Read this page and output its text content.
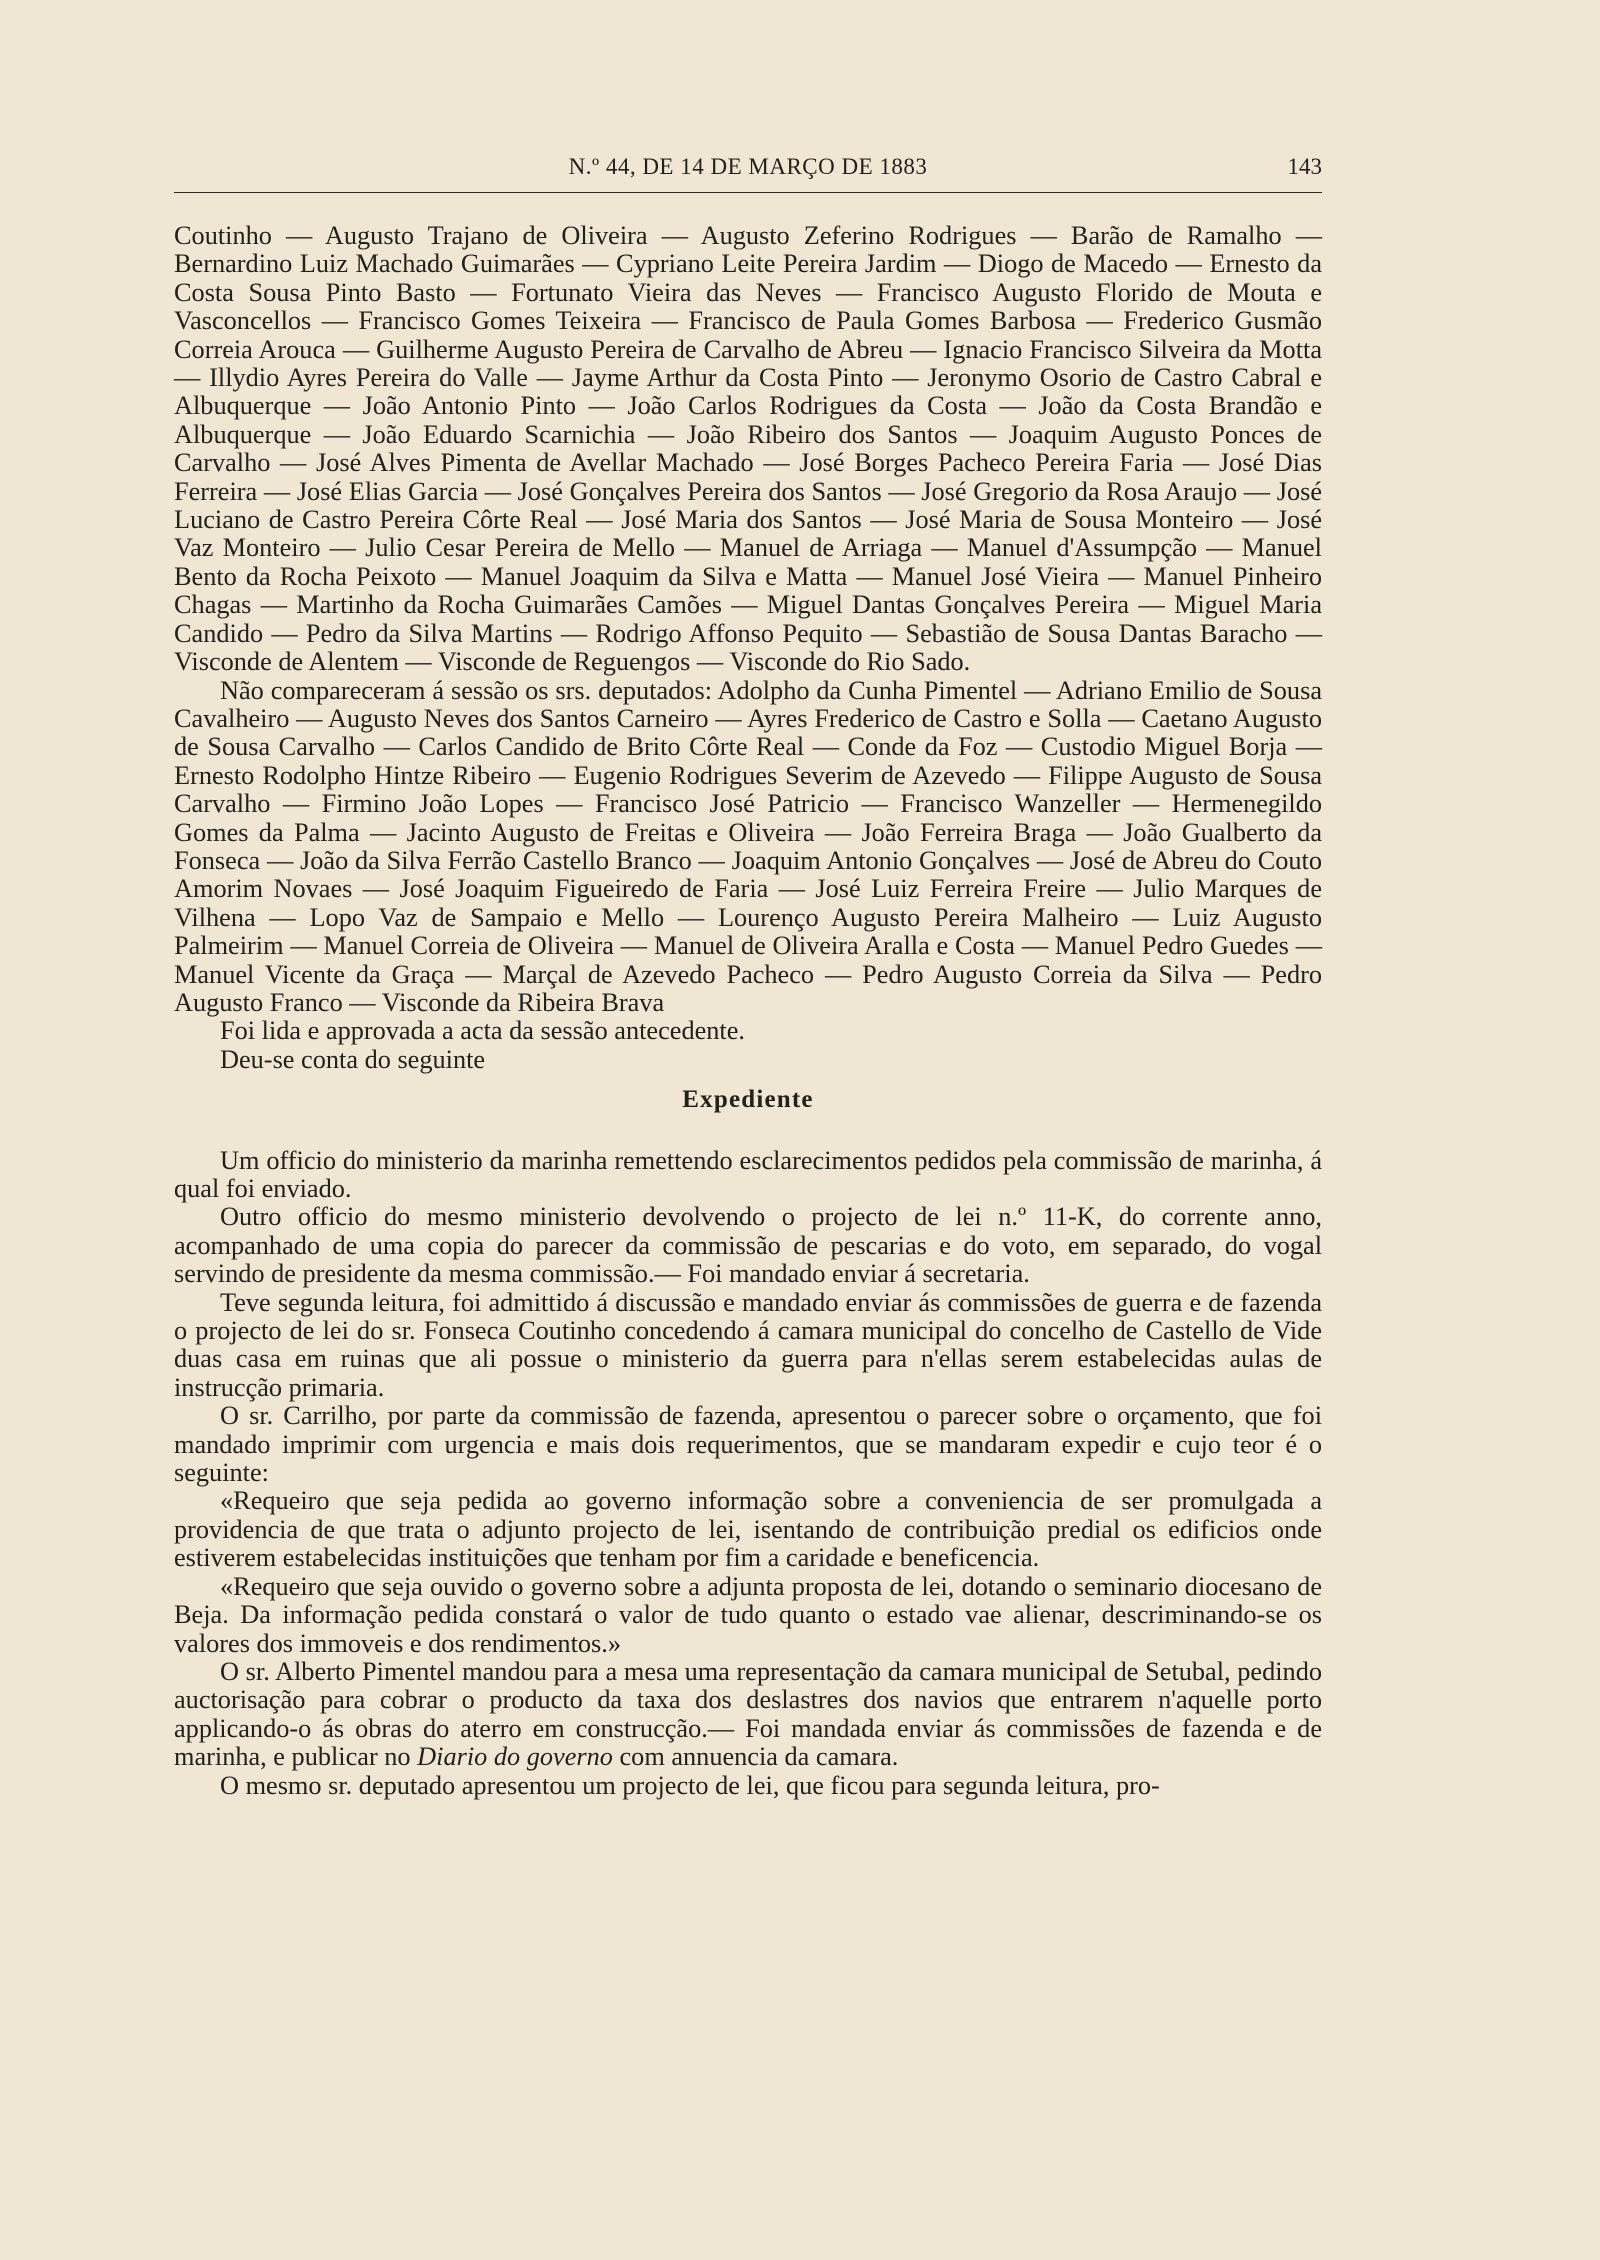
N.º 44, DE 14 DE MARÇO DE 1883	143

Coutinho — Augusto Trajano de Oliveira — Augusto Zeferino Rodrigues — Barão de Ramalho — Bernardino Luiz Machado Guimarães — Cypriano Leite Pereira Jardim — Diogo de Macedo — Ernesto da Costa Sousa Pinto Basto — Fortunato Vieira das Neves — Francisco Augusto Florido de Mouta e Vasconcellos — Francisco Gomes Teixeira — Francisco de Paula Gomes Barbosa — Frederico Gusmão Correia Arouca — Guilherme Augusto Pereira de Carvalho de Abreu — Ignacio Francisco Silveira da Motta — Illydio Ayres Pereira do Valle — Jayme Arthur da Costa Pinto — Jeronymo Osorio de Castro Cabral e Albuquerque — João Antonio Pinto — João Carlos Rodrigues da Costa — João da Costa Brandão e Albuquerque — João Eduardo Scarnichia — João Ribeiro dos Santos — Joaquim Augusto Ponces de Carvalho — José Alves Pimenta de Avellar Machado — José Borges Pacheco Pereira Faria — José Dias Ferreira — José Elias Garcia — José Gonçalves Pereira dos Santos — José Gregorio da Rosa Araujo — José Luciano de Castro Pereira Côrte Real — José Maria dos Santos — José Maria de Sousa Monteiro — José Vaz Monteiro — Julio Cesar Pereira de Mello — Manuel de Arriaga — Manuel d'Assumpção — Manuel Bento da Rocha Peixoto — Manuel Joaquim da Silva e Matta — Manuel José Vieira — Manuel Pinheiro Chagas — Martinho da Rocha Guimarães Camões — Miguel Dantas Gonçalves Pereira — Miguel Maria Candido — Pedro da Silva Martins — Rodrigo Affonso Pequito — Sebastião de Sousa Dantas Baracho — Visconde de Alentem — Visconde de Reguengos — Visconde do Rio Sado.

Não compareceram á sessão os srs. deputados: Adolpho da Cunha Pimentel — Adriano Emilio de Sousa Cavalheiro — Augusto Neves dos Santos Carneiro — Ayres Frederico de Castro e Solla — Caetano Augusto de Sousa Carvalho — Carlos Candido de Brito Côrte Real — Conde da Foz — Custodio Miguel Borja — Ernesto Rodolpho Hintze Ribeiro — Eugenio Rodrigues Severim de Azevedo — Filippe Augusto de Sousa Carvalho — Firmino João Lopes — Francisco José Patricio — Francisco Wanzeller — Hermenegildo Gomes da Palma — Jacinto Augusto de Freitas e Oliveira — João Ferreira Braga — João Gualberto da Fonseca — João da Silva Ferrão Castello Branco — Joaquim Antonio Gonçalves — José de Abreu do Couto Amorim Novaes — José Joaquim Figueiredo de Faria — José Luiz Ferreira Freire — Julio Marques de Vilhena — Lopo Vaz de Sampaio e Mello — Lourenço Augusto Pereira Malheiro — Luiz Augusto Palmeirim — Manuel Correia de Oliveira — Manuel de Oliveira Aralla e Costa — Manuel Pedro Guedes — Manuel Vicente da Graça — Marçal de Azevedo Pacheco — Pedro Augusto Correia da Silva — Pedro Augusto Franco — Visconde da Ribeira Brava

Foi lida e approvada a acta da sessão antecedente.

Deu-se conta do seguinte

Expediente

Um officio do ministerio da marinha remettendo esclarecimentos pedidos pela commissão de marinha, á qual foi enviado.

Outro officio do mesmo ministerio devolvendo o projecto de lei n.º 11-K, do corrente anno, acompanhado de uma copia do parecer da commissão de pescarias e do voto, em separado, do vogal servindo de presidente da mesma commissão.— Foi mandado enviar á secretaria.

Teve segunda leitura, foi admittido á discussão e mandado enviar ás commissões de guerra e de fazenda o projecto de lei do sr. Fonseca Coutinho concedendo á camara municipal do concelho de Castello de Vide duas casa em ruinas que ali possue o ministerio da guerra para n'ellas serem estabelecidas aulas de instrucção primaria.

O sr. Carrilho, por parte da commissão de fazenda, apresentou o parecer sobre o orçamento, que foi mandado imprimir com urgencia e mais dois requerimentos, que se mandaram expedir e cujo teor é o seguinte:

«Requeiro que seja pedida ao governo informação sobre a conveniencia de ser promulgada a providencia de que trata o adjunto projecto de lei, isentando de contribuição predial os edificios onde estiverem estabelecidas instituições que tenham por fim a caridade e beneficencia.

«Requeiro que seja ouvido o governo sobre a adjunta proposta de lei, dotando o seminario diocesano de Beja. Da informação pedida constará o valor de tudo quanto o estado vae alienar, descriminando-se os valores dos immoveis e dos rendimentos.»

O sr. Alberto Pimentel mandou para a mesa uma representação da camara municipal de Setubal, pedindo auctorisação para cobrar o producto da taxa dos deslastres dos navios que entrarem n'aquelle porto applicando-o ás obras do aterro em construcção.— Foi mandada enviar ás commissões de fazenda e de marinha, e publicar no Diario do governo com annuencia da camara.

O mesmo sr. deputado apresentou um projecto de lei, que ficou para segunda leitura, pro-
